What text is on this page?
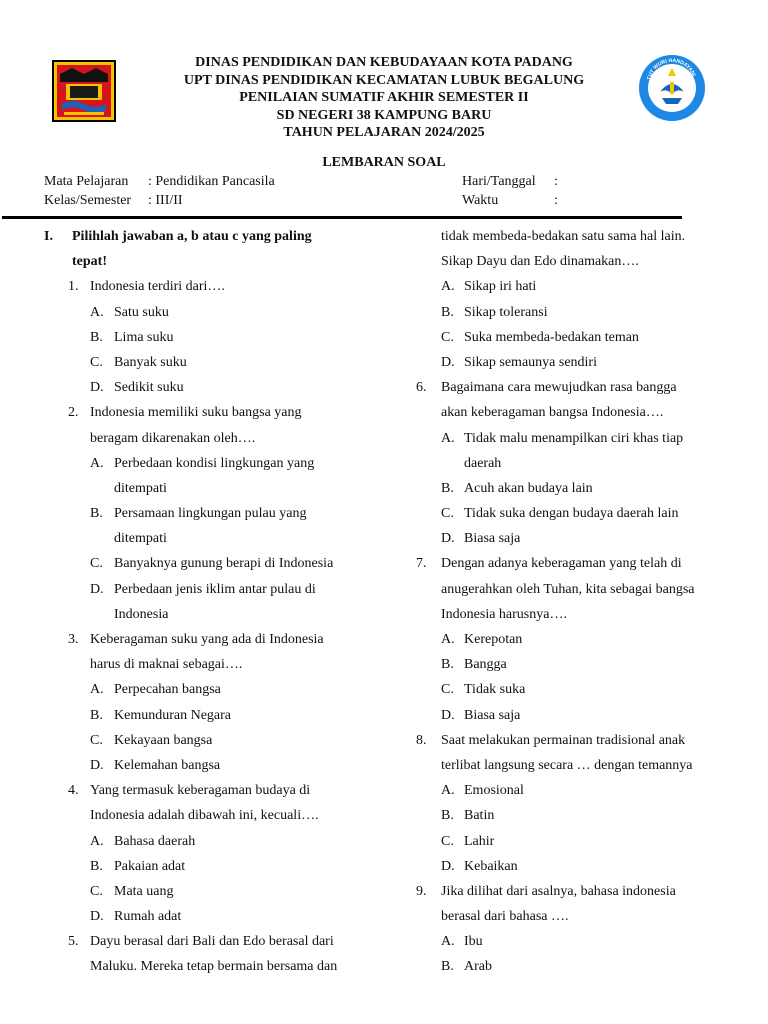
DINAS PENDIDIKAN DAN KEBUDAYAAN KOTA PADANG
UPT DINAS PENDIDIKAN KECAMATAN LUBUK BEGALUNG
PENILAIAN SUMATIF AKHIR SEMESTER II
SD NEGERI 38 KAMPUNG BARU
TAHUN PELAJARAN 2024/2025
TUT WURI HANDAYANI
LEMBARAN SOAL
Mata Pelajaran : Pendidikan Pancasila
Kelas/Semester : III/II
Hari/Tanggal :
Waktu	:
I. Pilihlah jawaban a, b atau c yang paling
tepat!
1. Indonesia terdiri dari….
A. Satu suku
B. Lima suku
C. Banyak suku
D. Sedikit suku
2. Indonesia memiliki suku bangsa yang
beragam dikarenakan oleh….
A. Perbedaan kondisi lingkungan yang
ditempati
B. Persamaan lingkungan pulau yang
ditempati
C. Banyaknya gunung berapi di Indonesia
D. Perbedaan jenis iklim antar pulau di
Indonesia
3. Keberagaman suku yang ada di Indonesia
harus di maknai sebagai….
A. Perpecahan bangsa
B. Kemunduran Negara
C. Kekayaan bangsa
D. Kelemahan bangsa
4. Yang termasuk keberagaman budaya di
Indonesia adalah dibawah ini, kecuali….
A. Bahasa daerah
B. Pakaian adat
C. Mata uang
D. Rumah adat
5. Dayu berasal dari Bali dan Edo berasal dari
Maluku. Mereka tetap bermain bersama dan
tidak membeda-bedakan satu sama hal lain.
Sikap Dayu dan Edo dinamakan….
A. Sikap iri hati
B. Sikap toleransi
C. Suka membeda-bedakan teman
D. Sikap semaunya sendiri
6. Bagaimana cara mewujudkan rasa bangga
akan keberagaman bangsa Indonesia….
A. Tidak malu menampilkan ciri khas tiap
daerah
B. Acuh akan budaya lain
C. Tidak suka dengan budaya daerah lain
D. Biasa saja
7. Dengan adanya keberagaman yang telah di
anugerahkan oleh Tuhan, kita sebagai bangsa
Indonesia harusnya….
A. Kerepotan
B. Bangga
C. Tidak suka
D. Biasa saja
8. Saat melakukan permainan tradisional anak
terlibat langsung secara … dengan temannya
A. Emosional
B. Batin
C. Lahir
D. Kebaikan
9. Jika dilihat dari asalnya, bahasa indonesia
berasal dari bahasa ….
A. Ibu
B. Arab
